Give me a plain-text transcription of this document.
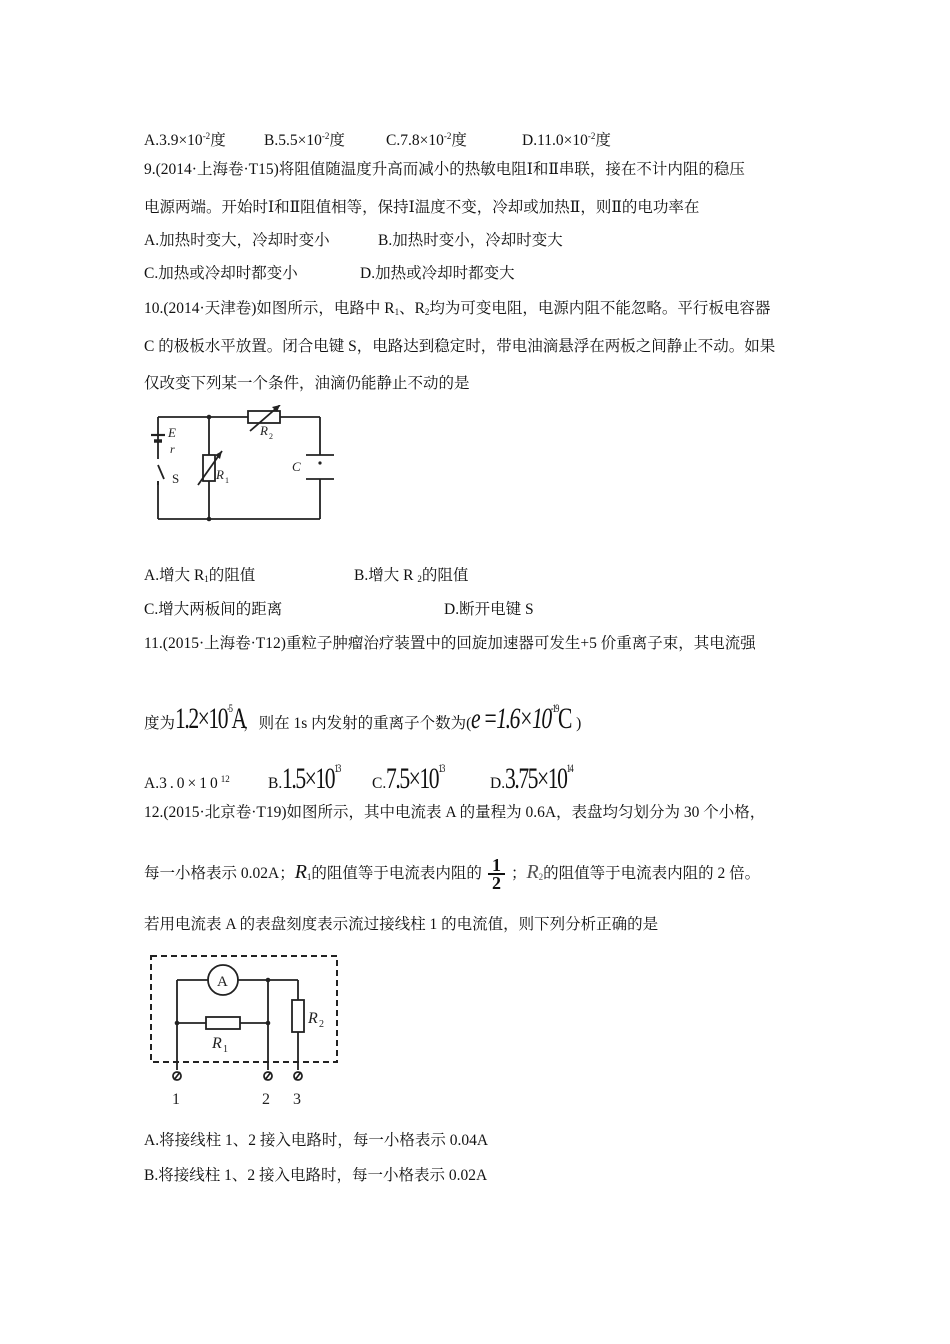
$A.3.9\times 10^{-2}$度 $B.5.5\times 10^{-2}$度	$C.7.8\times 10^{-2}$度	$D.11.0\times 10^{-2}$度
9.(2014·上海卷·T15)将阻值随温度升高而减小的热敏电阻Ⅰ和Ⅱ串联，接在不计内阻的稳压
电源两端。开始时Ⅰ和Ⅱ阻值相等，保持Ⅰ温度不变，冷却或加热Ⅱ，则Ⅱ的电功率在
A.加热时变大，冷却时变小	B.加热时变小，冷却时变大
C.加热或冷却时都变小	D.加热或冷却时都变大
10.(2014·天津卷)如图所示，电路中 $R_1$、$R_2$均为可变电阻，电源内阻不能忽略。平行板电容器
C 的极板水平放置。闭合电键 S，电路达到稳定时，带电油滴悬浮在两板之间静止不动。如果
仅改变下列某一个条件，油滴仍能静止不动的是
E
r
S	R 1
R 2
C
A.增大 $R_1$的阻值	B.增大 R $_2$的阻值
C.增大两板间的距离	D.断开电键 S
11.(2015·上海卷·T12)重粒子肿瘤治疗装置中的回旋加速器可发生+5 价重离子束，其电流强
度为$1.2\times 10^{-5}A$，则在 1s 内发射的重离子个数为($e =1.6\times 10^{-19}C$ )
$A.3.0\times 10^{12}$ $B.1.5\times 10^{13}C.7.5\times 10^{13}D.3.75\times 10^{14}$
12.(2015·北京卷·T19)如图所示，其中电流表 A 的量程为 0.6A，表盘均匀划分为 30 个小格，
每一小格表示 0.02A；$R_1$的阻值等于电流表内阻的 $\frac{1}{2}$ ；$R_2$的阻值等于电流表内阻的 2 倍。
若用电流表 A 的表盘刻度表示流过接线柱 1 的电流值，则下列分析正确的是
A
R 1
R 2
1	2 3
A.将接线柱 1、2 接入电路时，每一小格表示 0.04A
B.将接线柱 1、2 接入电路时，每一小格表示 0.02A
